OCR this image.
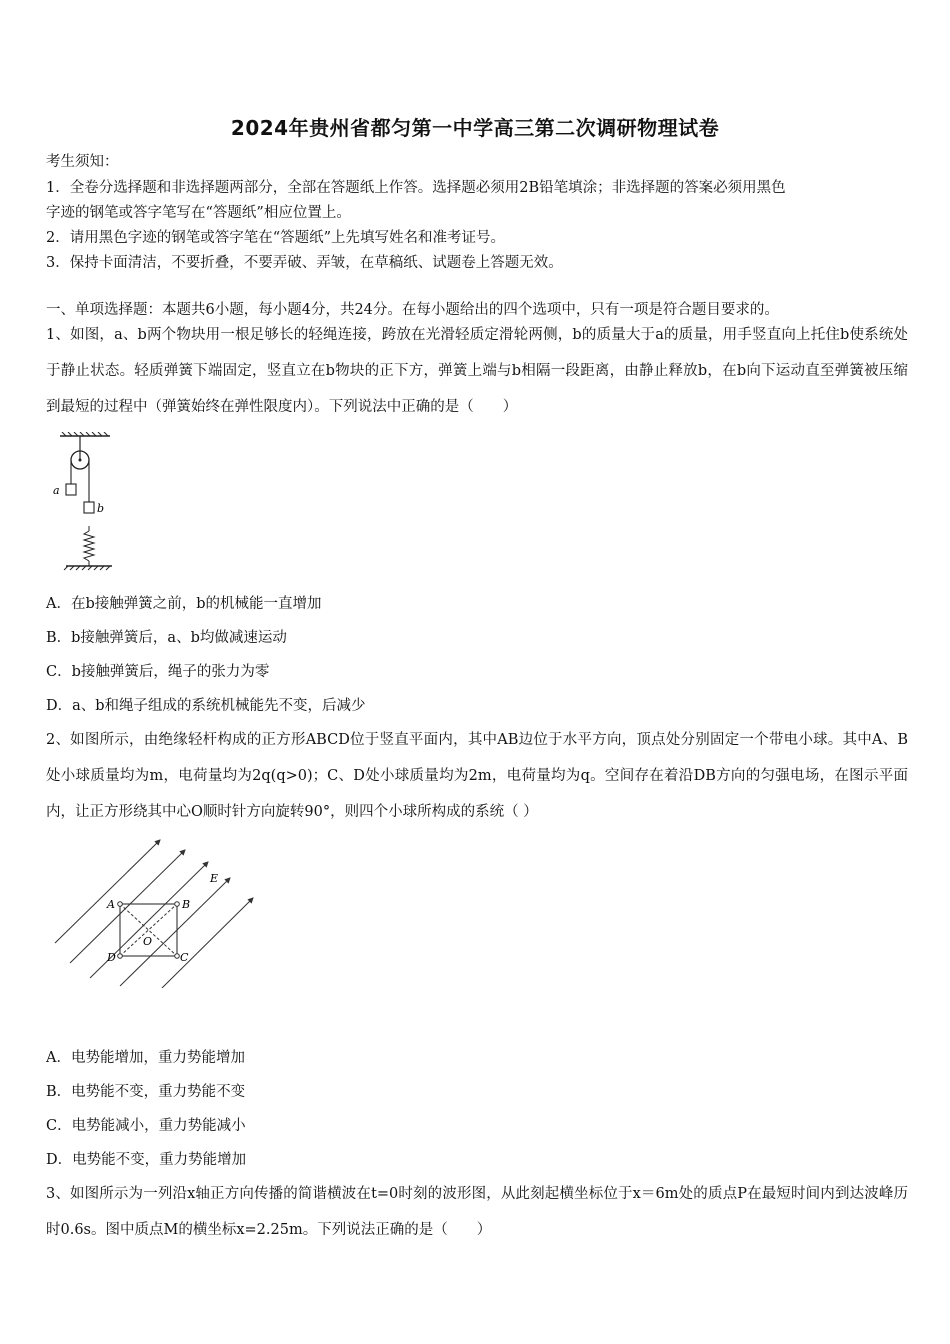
2024年贵州省都匀第一中学高三第二次调研物理试卷
考生须知：
1．全卷分选择题和非选择题两部分，全部在答题纸上作答。选择题必须用2B铅笔填涂；非选择题的答案必须用黑色
字迹的钢笔或答字笔写在“答题纸”相应位置上。
2．请用黑色字迹的钢笔或答字笔在“答题纸”上先填写姓名和准考证号。
3．保持卡面清洁，不要折叠，不要弄破、弄皱，在草稿纸、试题卷上答题无效。
一、单项选择题：本题共6小题，每小题4分，共24分。在每小题给出的四个选项中，只有一项是符合题目要求的。
1、如图，a、b两个物块用一根足够长的轻绳连接，跨放在光滑轻质定滑轮两侧，b的质量大于a的质量，用手竖直向上托住b使系统处于静止状态。轻质弹簧下端固定，竖直立在b物块的正下方，弹簧上端与b相隔一段距离，由静止释放b，在b向下运动直至弹簧被压缩到最短的过程中（弹簧始终在弹性限度内）。下列说法中正确的是（　　）
a
b
A．在b接触弹簧之前，b的机械能一直增加
B．b接触弹簧后，a、b均做减速运动
C．b接触弹簧后，绳子的张力为零
D．a、b和绳子组成的系统机械能先不变，后减少
2、如图所示，由绝缘轻杆构成的正方形ABCD位于竖直平面内，其中AB边位于水平方向，顶点处分别固定一个带电小球。其中A、B处小球质量均为m，电荷量均为2q(q>0)；C、D处小球质量均为2m，电荷量均为q。空间存在着沿DB方向的匀强电场，在图示平面内，让正方形绕其中心O顺时针方向旋转90°，则四个小球所构成的系统（ ）
E
A	B
C
D
O
A．电势能增加，重力势能增加
B．电势能不变，重力势能不变
C．电势能减小，重力势能减小
D．电势能不变，重力势能增加
3、如图所示为一列沿x轴正方向传播的简谐横波在t=0时刻的波形图，从此刻起横坐标位于x＝6m处的质点P在最短时间内到达波峰历时0.6s。图中质点M的横坐标x=2.25m。下列说法正确的是（　　）
